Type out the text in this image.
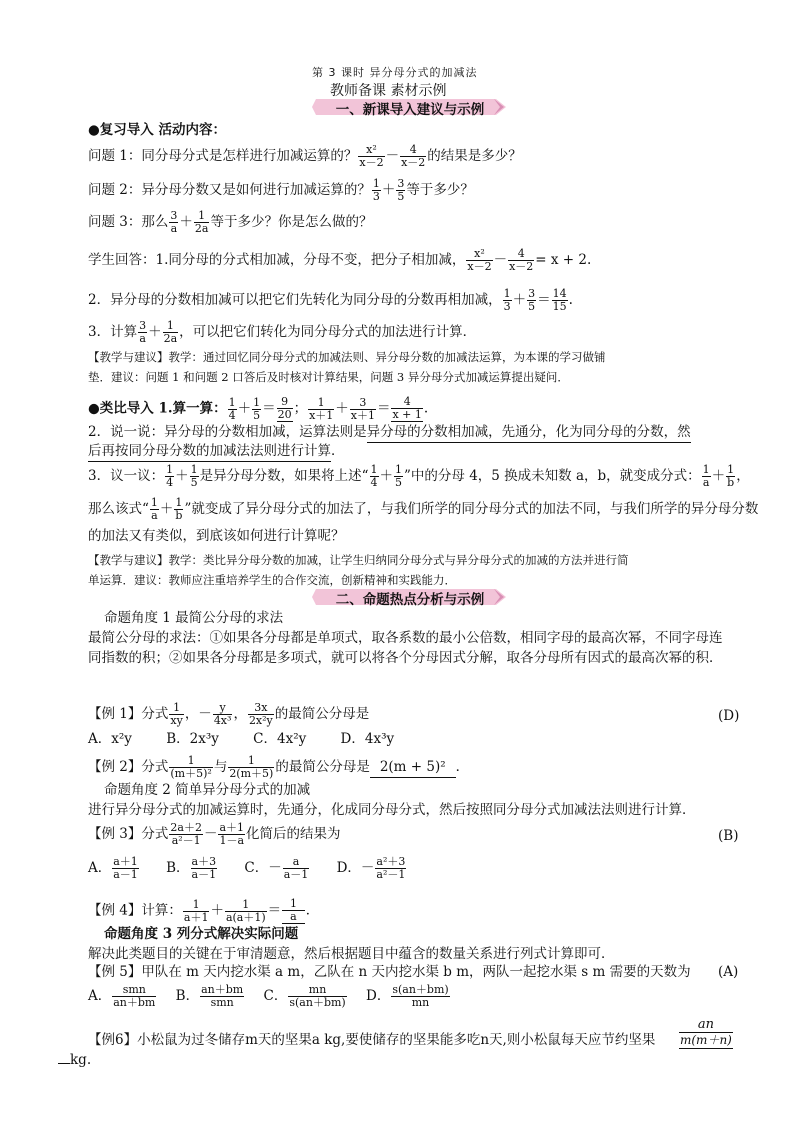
第 3 课时 异分母分式的加减法
教师备课 素材示例
一、新课导入建议与示例
●复习导入 活动内容：
问题 1：同分母分式是怎样进行加减运算的？ $\frac{\text{x²}}{x-2} - \frac{4}{x-2}$ 的结果是多少？
问题 2：异分母分数又是如何进行加减运算的？ $\frac{1}{3} + \frac{3}{5}$ 等于多少？
问题 3：那么 $\frac{3}{a} + \frac{1}{2a}$ 等于多少？你是怎么做的？
学生回答：1.同分母的分式相加减，分母不变，把分子相加减， $\frac{\text{x²}}{x-2} - \frac{4}{x-2} = x + 2$.
2．异分母的分数相加减可以把它们先转化为同分母的分数再相加减， $\frac{1}{3} + \frac{3}{5} = \frac{14}{15}$ .
3．计算 $\frac{3}{a} + \frac{1}{2a}$ ，可以把它们转化为同分母分式的加法进行计算．
【教学与建议】教学：通过回忆同分母分式的加减法则、异分母分数的加减法运算，为本课的学习做铺
垫．建议：问题 1 和问题 2 口答后及时核对计算结果，问题 3 异分母分式加减运算提出疑问．
●类比导入 1.算一算： $\frac{1}{4} + \frac{1}{5} = \frac{9}{20}$ ； $\frac{1}{x+1} + \frac{3}{x+1} = \frac{4}{x + 1}$ .
2．说一说：异分母的分数相加减，运算法则是异分母的分数相加减，先通分，化为同分母的分数，然
后再按同分母分数的加减法法则进行计算．
3．议一议： $\frac{1}{4} + \frac{1}{5}$ 是异分母分数，如果将上述“ $\frac{1}{4} + \frac{1}{5}$ ”中的分母 4，5 换成未知数 a，b，就变成分式： $\frac{1}{a} + \frac{1}{b}$ ，
那么该式“ $\frac{1}{a} + \frac{1}{b}$ ”就变成了异分母分式的加法了，与我们所学的同分母分式的加法不同，与我们所学的异分母分数
的加法又有类似，到底该如何进行计算呢？
【教学与建议】教学：类比异分母分数的加减，让学生归纳同分母分式与异分母分式的加减的方法并进行简
单运算．建议：教师应注重培养学生的合作交流，创新精神和实践能力．
二、命题热点分析与示例
命题角度 1 最简公分母的求法
最简公分母的求法：①如果各分母都是单项式，取各系数的最小公倍数，相同字母的最高次幂，不同字母连
同指数的积；②如果各分母都是多项式，就可以将各个分母因式分解，取各分母所有因式的最高次幂的积．
【例 1】分式 $\frac{1}{xy}$ ，－ $\frac{y}{\text{4x³}}$ ， $\frac{3x}{\text{2x²y}}$ 的最简公分母是	(D)
A．x²y	B．2x³y	C．4x²y	D．4x³y
【例 2】分式 $\frac{1}{\text{(m＋5)²}}$ 与 $\frac{1}{2(m+5)}$ 的最简公分母是 2(m + 5)² ．
命题角度 2 简单异分母分式的加减
进行异分母分式的加减运算时，先通分，化成同分母分式，然后按照同分母分式加减法法则进行计算．
【例 3】分式 $\frac{2a+2}{\text{a²－1}} - \frac{a+1}{1-a}$ 化简后的结果为	(B)
A． $\frac{a+1}{a-1}$ B． $\frac{a+3}{a-1}$ C．－ $\frac{a}{a-1}$ D．－ $\frac{\text{a²＋3}}{\text{a²－1}}$
【例 4】计算： $\frac{1}{a+1} + \frac{1}{a(a+1)} = \frac{1}{a}$ ．
命题角度 3 列分式解决实际问题
解决此类题目的关键在于审清题意，然后根据题目中蕴含的数量关系进行列式计算即可．
【例 5】甲队在 m 天内挖水渠 a m，乙队在 n 天内挖水渠 b m，两队一起挖水渠 s m 需要的天数为 (A)
A． $\frac{\text{smn}}{an+bm}$ B． $\frac{an+bm}{\text{smn}}$ C． $\frac{mn}{s(an+bm)}$ D． $\frac{s(an+bm)}{mn}$
【例6】小松鼠为过冬储存m天的坚果a kg,要使储存的坚果能多吃n天,则小松鼠每天应节约坚果 $\frac{an}{m(m+n)}$
kg.
